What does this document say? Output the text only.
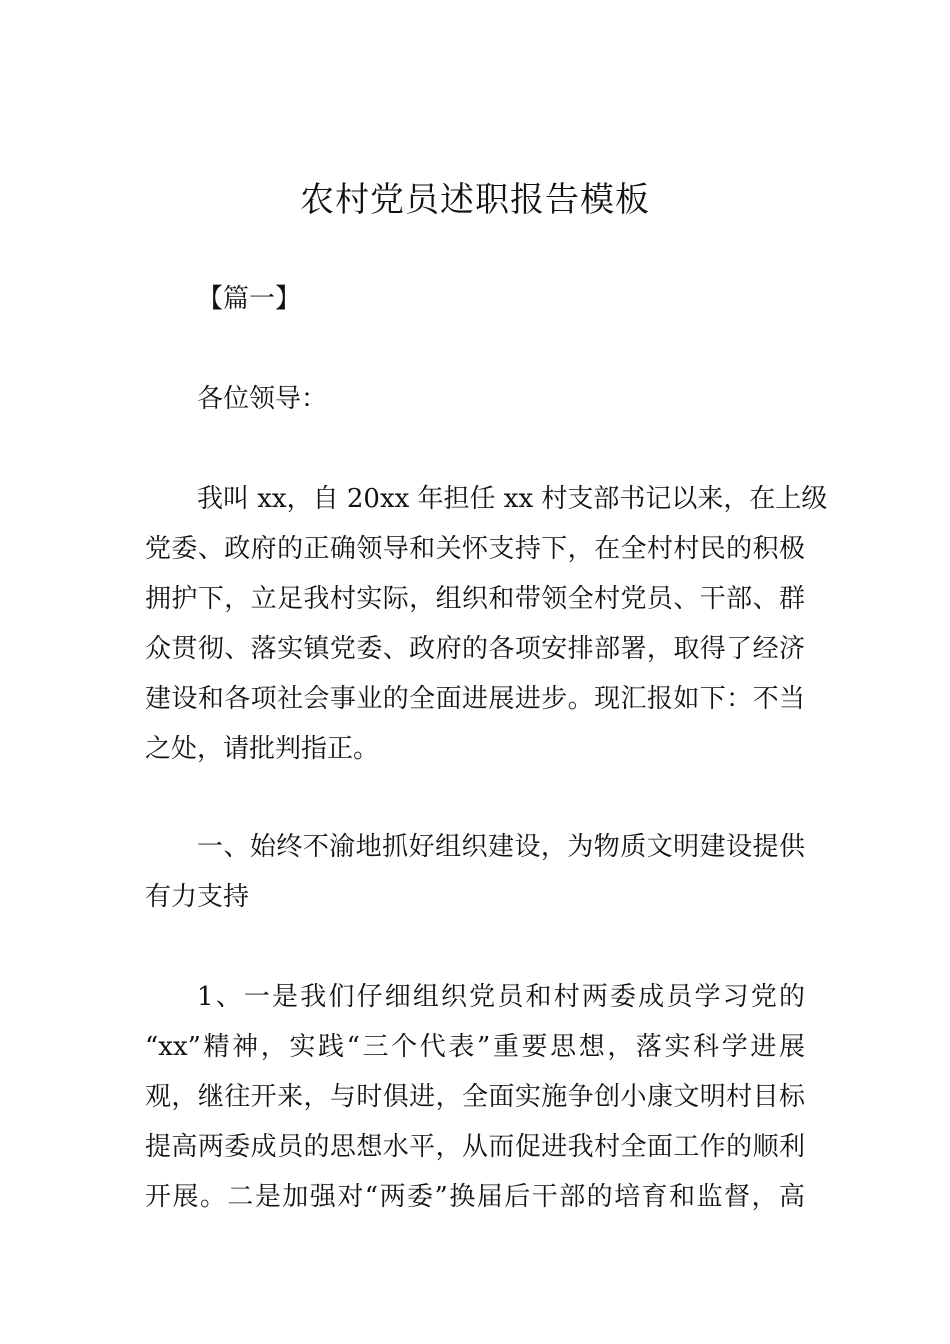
农村党员述职报告模板

【篇一】

各位领导：

我叫 xx，自 20xx 年担任 xx 村支部书记以来，在上级

党委、政府的正确领导和关怀支持下，在全村村民的积极

拥护下，立足我村实际，组织和带领全村党员、干部、群

众贯彻、落实镇党委、政府的各项安排部署，取得了经济

建设和各项社会事业的全面进展进步。现汇报如下：不当

之处，请批判指正。

一、始终不渝地抓好组织建设，为物质文明建设提供

有力支持

1、一是我们仔细组织党员和村两委成员学习党的

“xx”精神，实践“三个代表”重要思想，落实科学进展

观，继往开来，与时俱进，全面实施争创小康文明村目标

提高两委成员的思想水平，从而促进我村全面工作的顺利

开展。二是加强对“两委”换届后干部的培育和监督，高
